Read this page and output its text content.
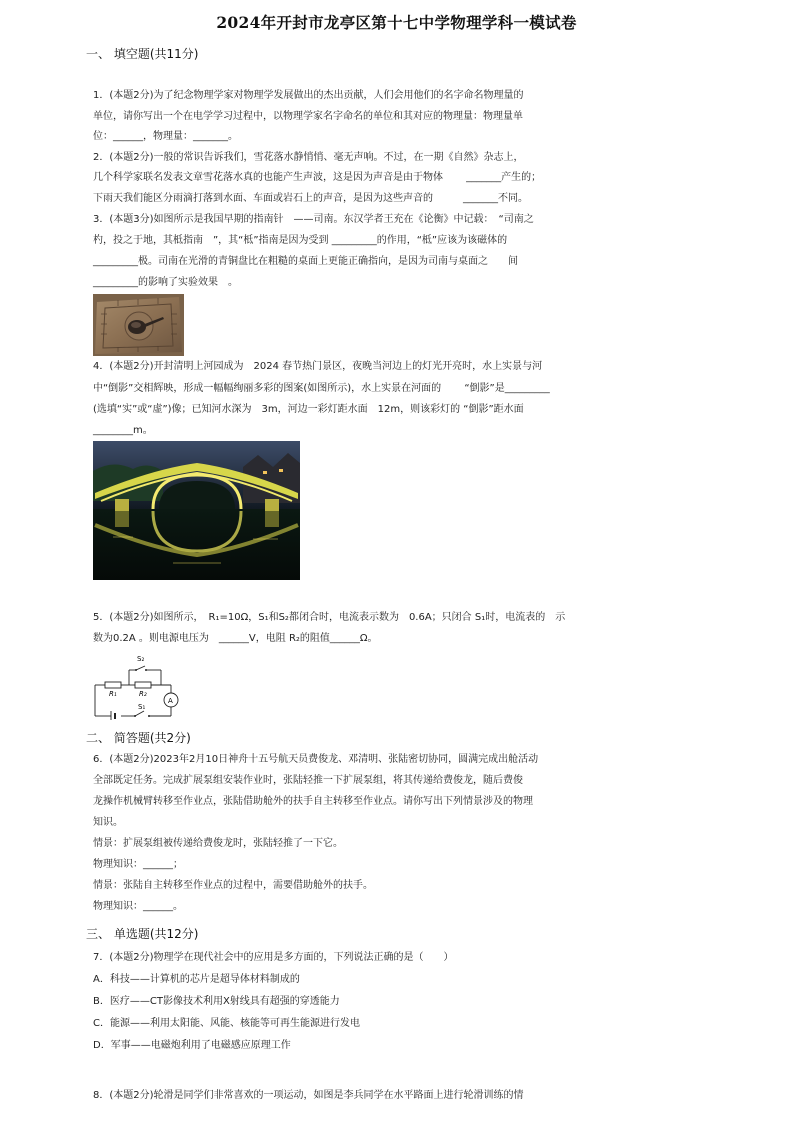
2024年开封市龙亭区第十七中学物理学科一模试卷
一、 填空题(共11分)
1．(本题2分)为了纪念物理学家对物理学发展做出的杰出贡献，人们会用他们的名字命名物理量的
单位，请你写出一个在电学学习过程中，以物理学家名字命名的单位和其对应的物理量：物理量单
位：______，物理量：_______。
2．(本题2分)一般的常识告诉我们，雪花落水静悄悄、毫无声响。不过，在一期《自然》杂志上，
几个科学家联名发表文章雪花落水真的也能产生声波，这是因为声音是由于物体　　 _______产生的；
下雨天我们能区分雨滴打落到水面、车面或岩石上的声音，是因为这些声音的　　　_______不同。
3．(本题3分)如图所示是我国早期的指南针　——司南。东汉学者王充在《论衡》中记载：　“司南之
杓，投之于地，其柢指南　”，其“柢”指南是因为受到 _________的作用，“柢”应该为该磁体的
_________极。司南在光滑的青铜盘比在粗糙的桌面上更能正确指向，是因为司南与桌面之　　间
_________的影响了实验效果　。
4．(本题2分)开封清明上河园成为　2024 春节热门景区，夜晚当河边上的灯光开亮时，水上实景与河
中“倒影”交相辉映，形成一幅幅绚丽多彩的图案(如图所示)，水上实景在河面的　　 “倒影”是_________
(选填“实”或“虚”)像；已知河水深为　3m，河边一彩灯距水面　12m，则该彩灯的 “倒影”距水面
________m。
5．(本题2分)如图所示，　R₁=10Ω，S₁和S₂都闭合时，电流表示数为　0.6A；只闭合 S₁时，电流表的　示
数为0.2A 。则电源电压为　______V，电阻 R₂的阻值______Ω。
S₂
R₁	R₂
S₁
A
二、 简答题(共2分)
6．(本题2分)2023年2月10日神舟十五号航天员费俊龙、邓清明、张陆密切协同，圆满完成出舱活动
全部既定任务。完成扩展泵组安装作业时，张陆轻推一下扩展泵组，将其传递给费俊龙，随后费俊
龙操作机械臂转移至作业点，张陆借助舱外的扶手自主转移至作业点。请你写出下列情景涉及的物理
知识。
情景：扩展泵组被传递给费俊龙时，张陆轻推了一下它。
物理知识：______；
情景：张陆自主转移至作业点的过程中，需要借助舱外的扶手。
物理知识：______。
三、 单选题(共12分)
7．(本题2分)物理学在现代社会中的应用是多方面的，下列说法正确的是（　　）
A．科技——计算机的芯片是超导体材料制成的
B．医疗——CT影像技术利用X射线具有超强的穿透能力
C．能源——利用太阳能、风能、核能等可再生能源进行发电
D．军事——电磁炮利用了电磁感应原理工作
8．(本题2分)轮滑是同学们非常喜欢的一项运动，如图是李兵同学在水平路面上进行轮滑训练的情
